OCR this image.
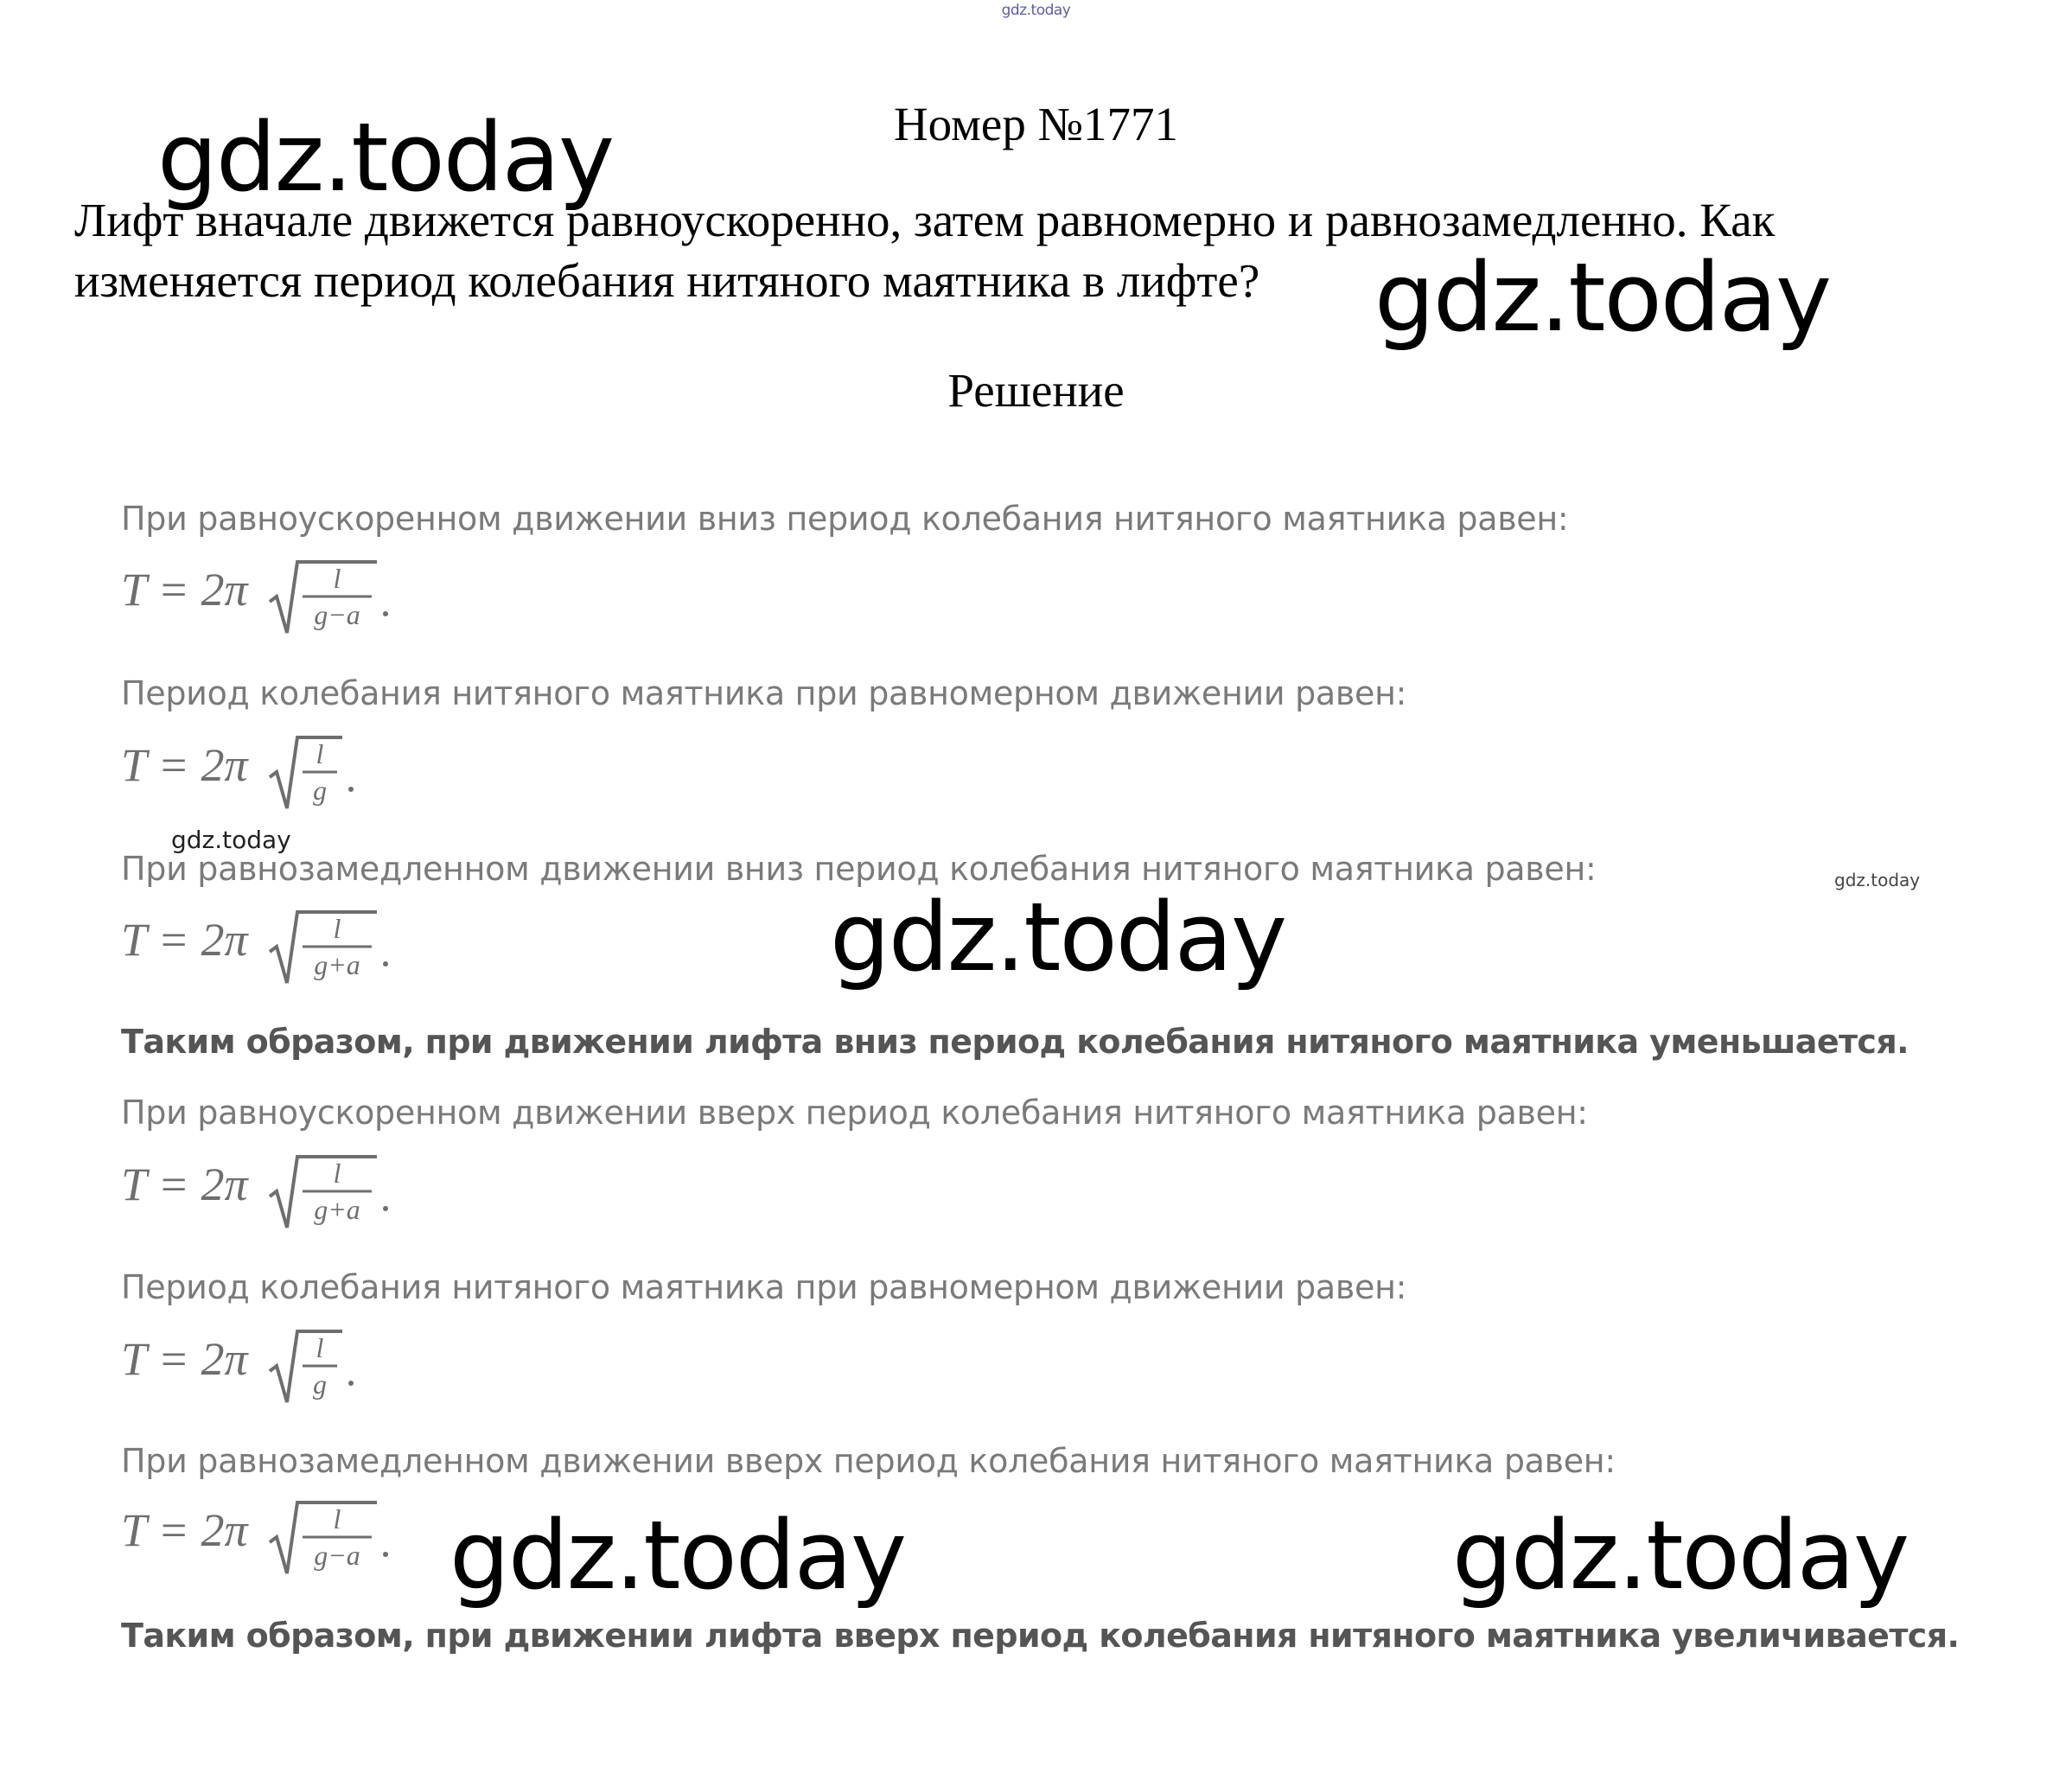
gdz.today
Номер №1771
Лифт вначале движется равноускоренно, затем равномерно и равнозамедленно. Как
изменяется период колебания нитяного маятника в лифте?
Решение
При равноускоренном движении вниз период колебания нитяного маятника равен:
T = 2π	l
g−a
Период колебания нитяного маятника при равномерном движении равен:
T = 2π l
g
При равнозамедленном движении вниз период колебания нитяного маятника равен:
T = 2π	l
g+a
Таким образом, при движении лифта вниз период колебания нитяного маятника уменьшается.
При равноускоренном движении вверх период колебания нитяного маятника равен:
T = 2π	l
g+a
Период колебания нитяного маятника при равномерном движении равен:
T = 2π l
g
При равнозамедленном движении вверх период колебания нитяного маятника равен:
T = 2π	l
g−a
Таким образом, при движении лифта вверх период колебания нитяного маятника увеличивается.
gdz.today
gdz.today
gdz.today
gdz.today	gdz.today
gdz.today
gdz.today
